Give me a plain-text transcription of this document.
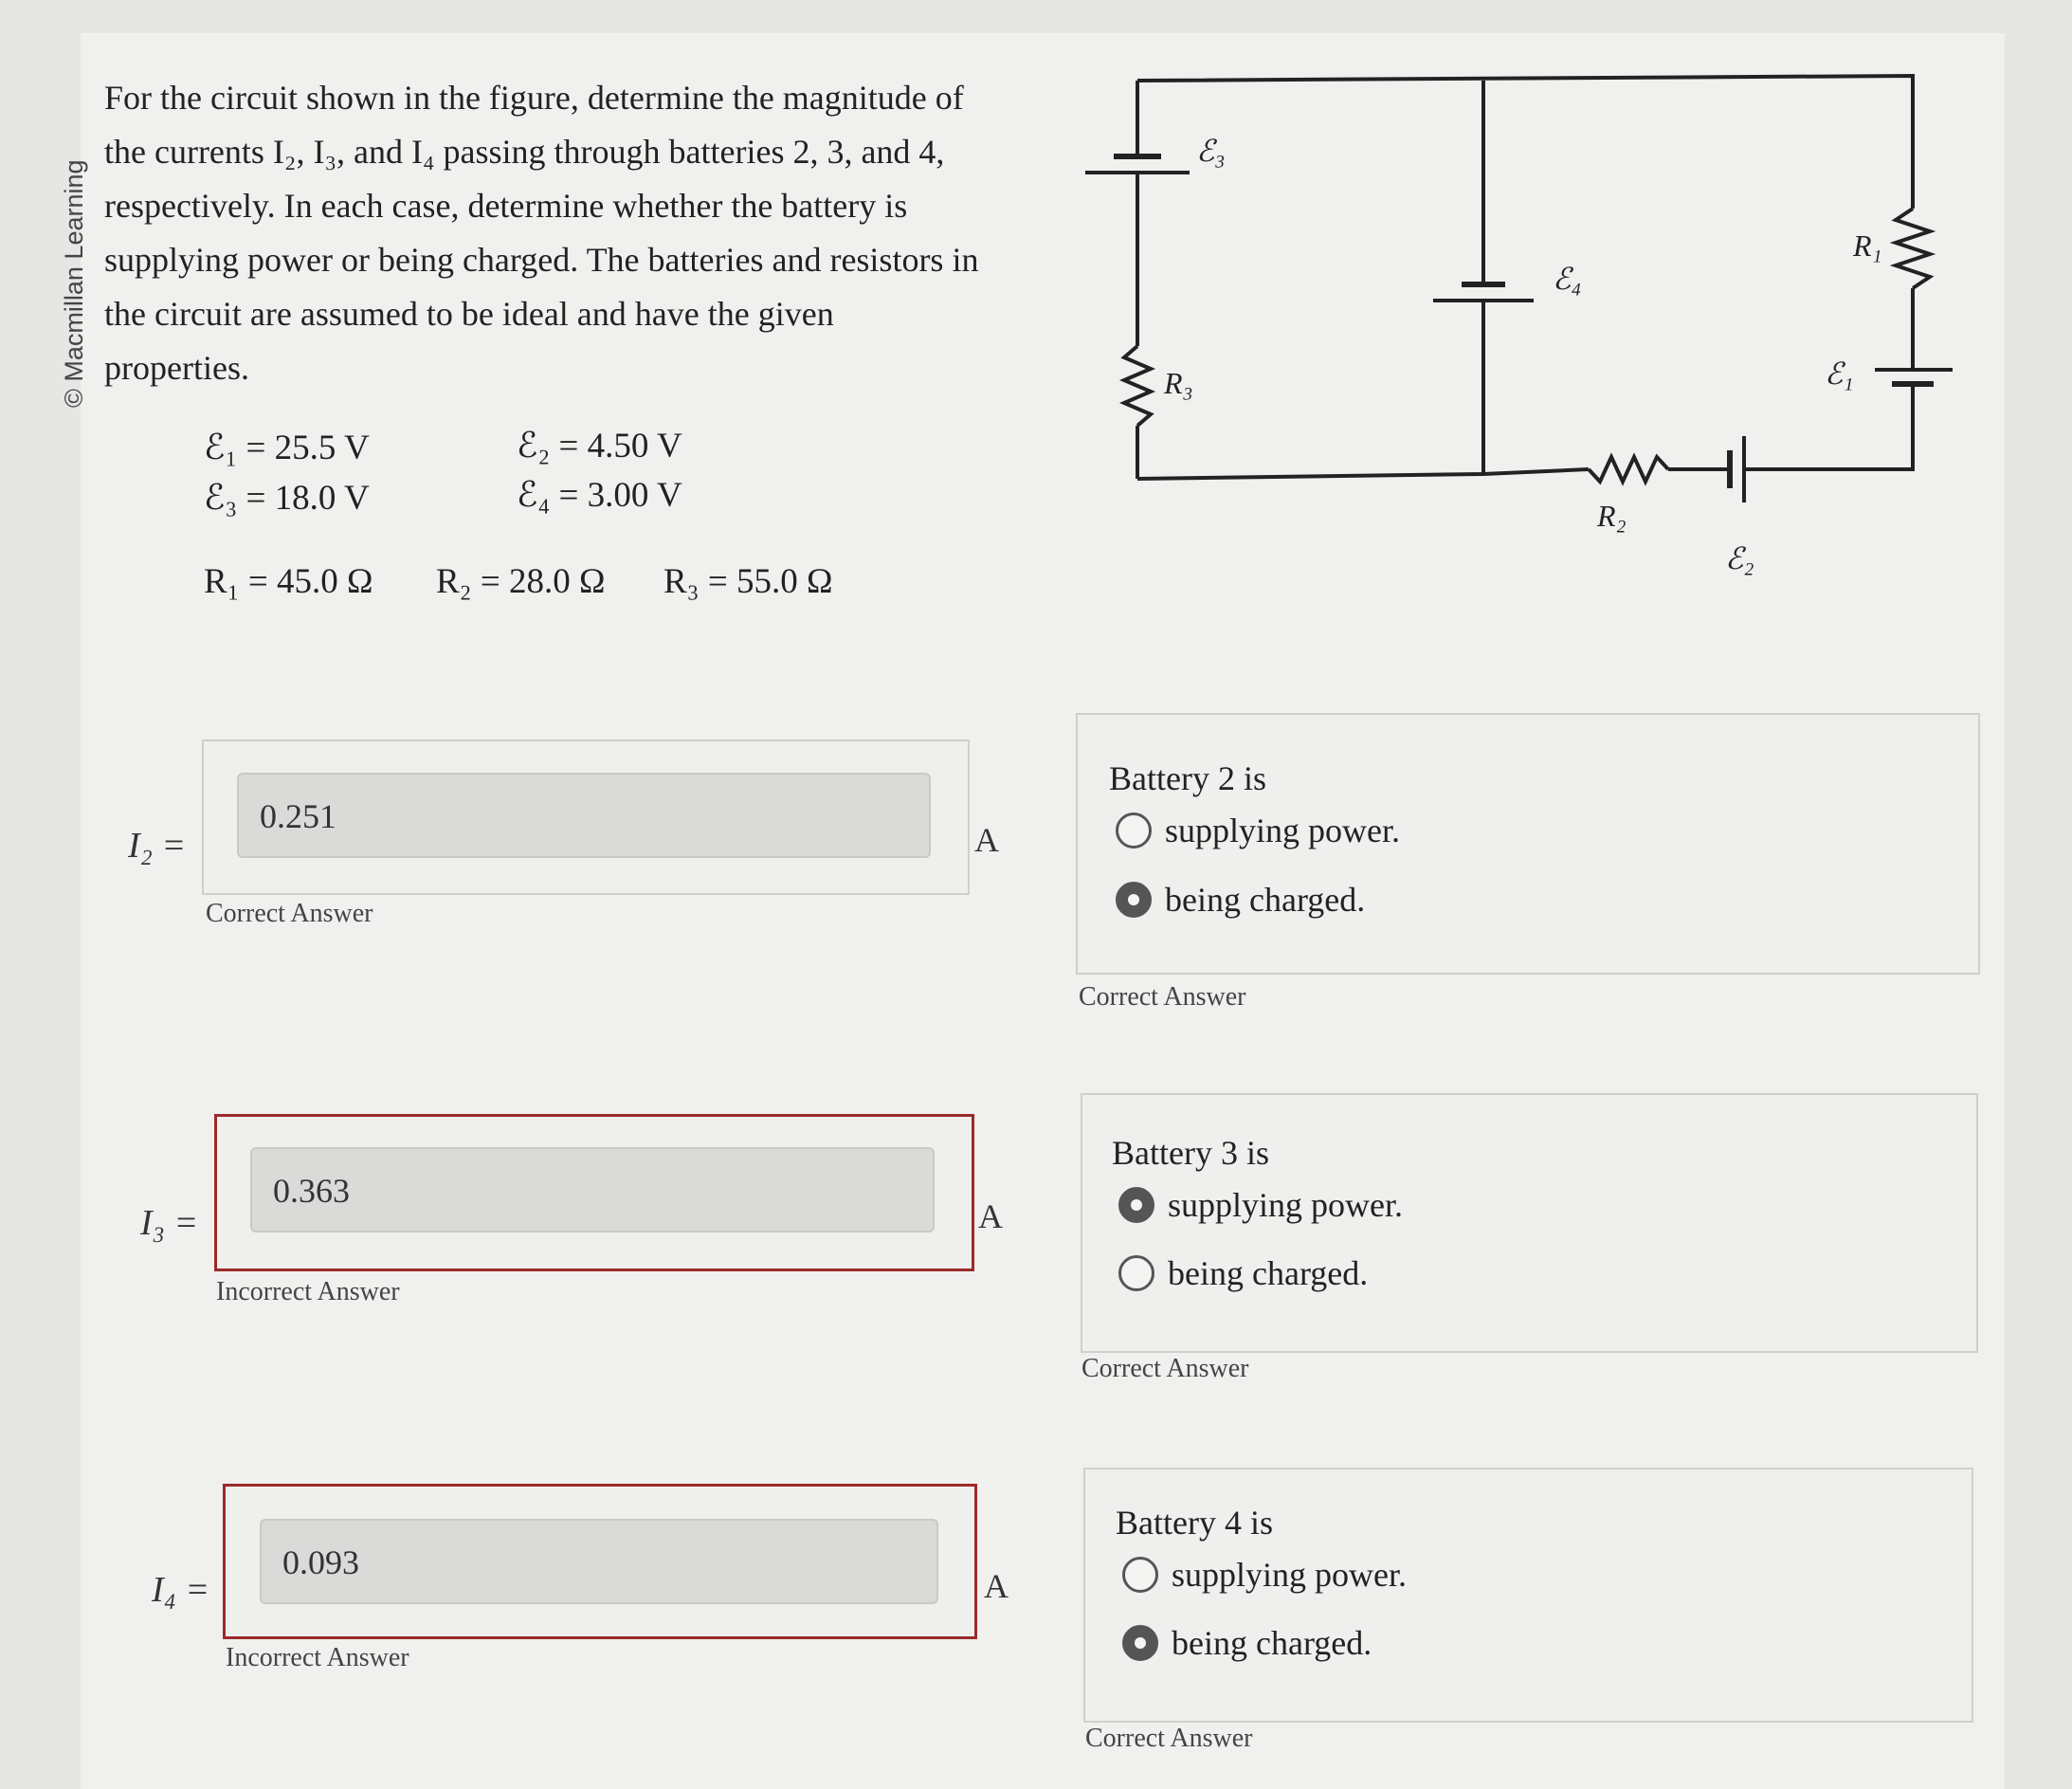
© Macmillan Learning
For the circuit shown in the figure, determine the magnitude of the currents I₂, I₃, and I₄ passing through batteries 2, 3, and 4, respectively. In each case, determine whether the battery is supplying power or being charged. The batteries and resistors in the circuit are assumed to be ideal and have the given properties.
ℰ₁ = 25.5 V	ℰ₂ = 4.50 V
ℰ₃ = 18.0 V	ℰ₄ = 3.00 V
R₁ = 45.0 Ω R₂ = 28.0 Ω R₃ = 55.0 Ω
ℰ₃
ℰ₄
R₁
ℰ₁
R₃
R₂
ℰ₂
I₂ =
0.251
A
Correct Answer
I₃ =
0.363
A
Incorrect Answer
I₄ =
0.093
A
Incorrect Answer
Battery 2 is
supplying power.
being charged.
Correct Answer
Battery 3 is
supplying power.
being charged.
Correct Answer
Battery 4 is
supplying power.
being charged.
Correct Answer
